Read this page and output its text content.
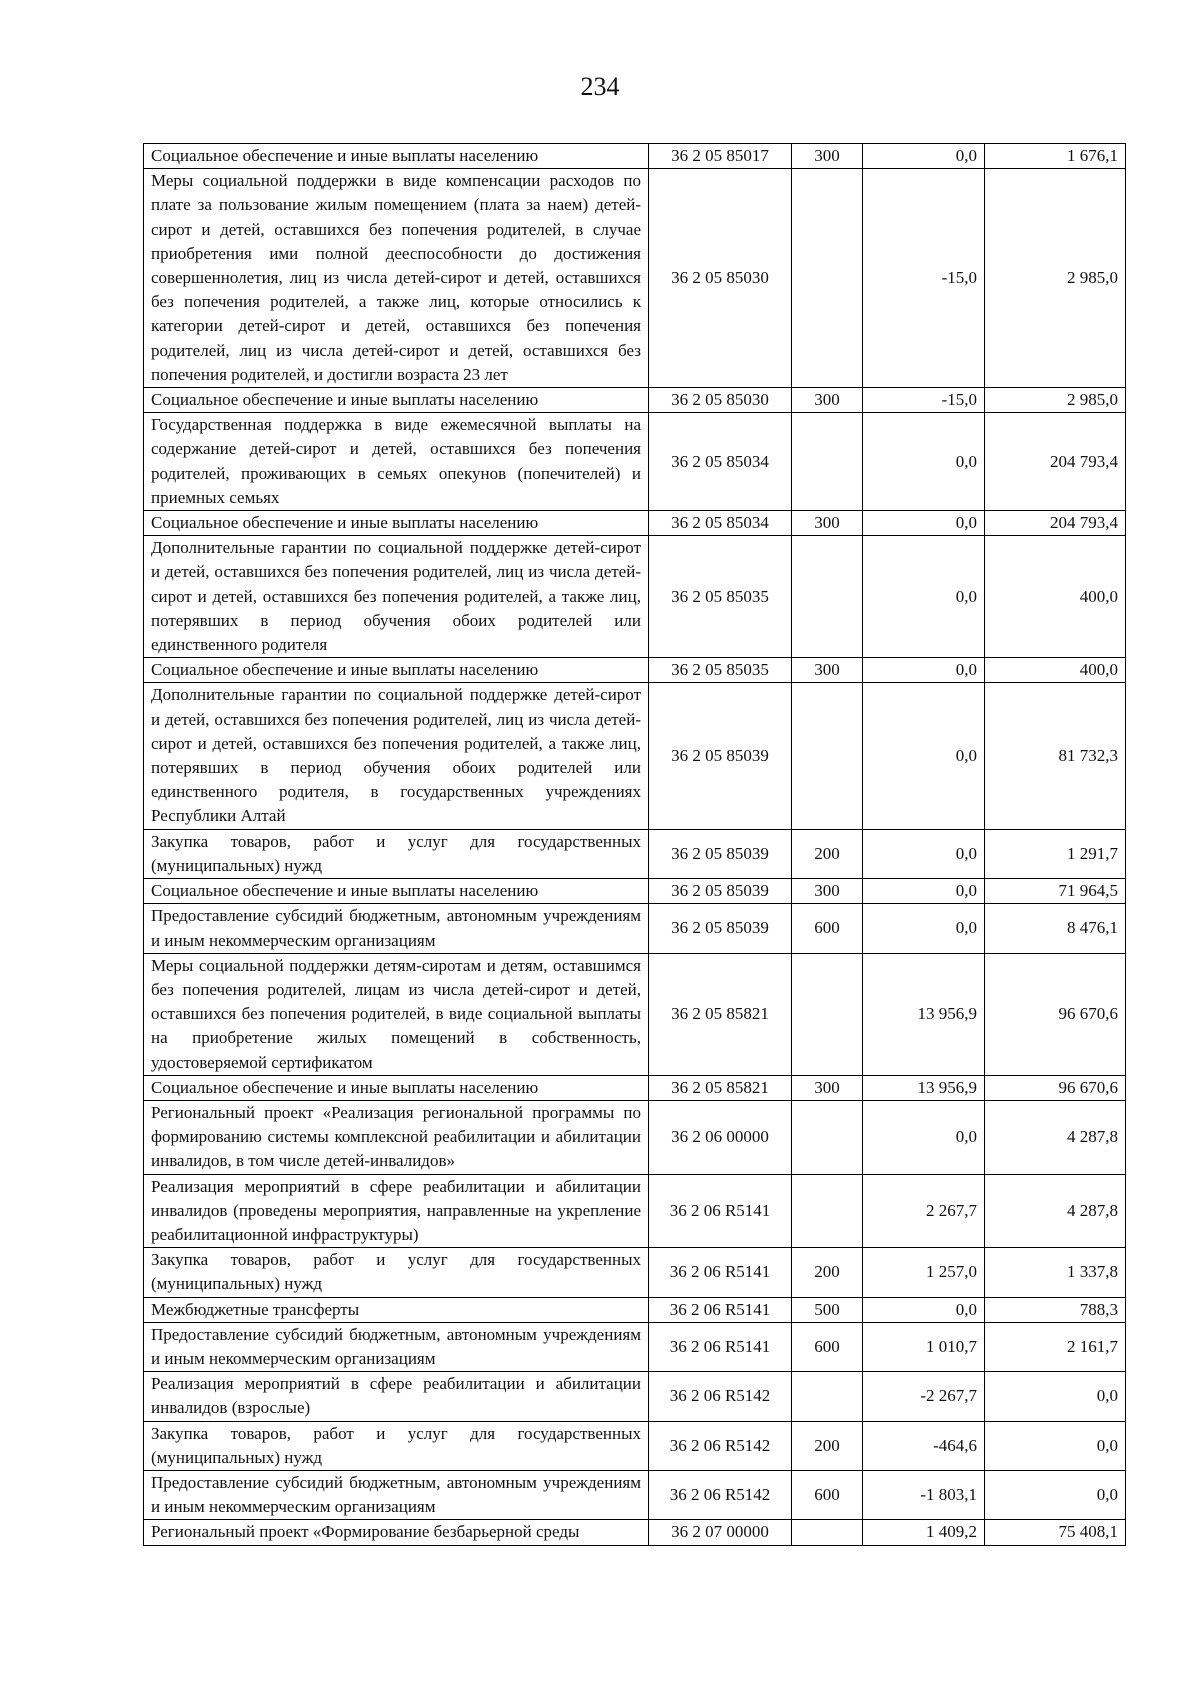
234
Социальное обеспечение и иные выплаты населению	36 2 05 85017	300	0,0	1 676,1
Меры социальной поддержки в виде компенсации расходов по плате за пользование жилым помещением (плата за наем) детей-сирот и детей, оставшихся без попечения родителей, в случае приобретения ими полной дееспособности до достижения совершеннолетия, лиц из числа детей-сирот и детей, оставшихся без попечения родителей, а также лиц, которые относились к категории детей-сирот и детей, оставшихся без попечения родителей, лиц из числа детей-сирот и детей, оставшихся без попечения родителей, и достигли возраста 23 лет	36 2 05 85030		-15,0	2 985,0
Социальное обеспечение и иные выплаты населению	36 2 05 85030	300	-15,0	2 985,0
Государственная поддержка в виде ежемесячной выплаты на содержание детей-сирот и детей, оставшихся без попечения родителей, проживающих в семьях опекунов (попечителей) и приемных семьях	36 2 05 85034		0,0	204 793,4
Социальное обеспечение и иные выплаты населению	36 2 05 85034	300	0,0	204 793,4
Дополнительные гарантии по социальной поддержке детей-сирот и детей, оставшихся без попечения родителей, лиц из числа детей-сирот и детей, оставшихся без попечения родителей, а также лиц, потерявших в период обучения обоих родителей или единственного родителя	36 2 05 85035		0,0	400,0
Социальное обеспечение и иные выплаты населению	36 2 05 85035	300	0,0	400,0
Дополнительные гарантии по социальной поддержке детей-сирот и детей, оставшихся без попечения родителей, лиц из числа детей-сирот и детей, оставшихся без попечения родителей, а также лиц, потерявших в период обучения обоих родителей или единственного родителя, в государственных учреждениях Республики Алтай	36 2 05 85039		0,0	81 732,3
Закупка товаров, работ и услуг для государственных (муниципальных) нужд	36 2 05 85039	200	0,0	1 291,7
Социальное обеспечение и иные выплаты населению	36 2 05 85039	300	0,0	71 964,5
Предоставление субсидий бюджетным, автономным учреждениям и иным некоммерческим организациям	36 2 05 85039	600	0,0	8 476,1
Меры социальной поддержки детям-сиротам и детям, оставшимся без попечения родителей, лицам из числа детей-сирот и детей, оставшихся без попечения родителей, в виде социальной выплаты на приобретение жилых помещений в собственность, удостоверяемой сертификатом	36 2 05 85821		13 956,9	96 670,6
Социальное обеспечение и иные выплаты населению	36 2 05 85821	300	13 956,9	96 670,6
Региональный проект «Реализация региональной программы по формированию системы комплексной реабилитации и абилитации инвалидов, в том числе детей-инвалидов»	36 2 06 00000		0,0	4 287,8
Реализация мероприятий в сфере реабилитации и абилитации инвалидов (проведены мероприятия, направленные на укрепление реабилитационной инфраструктуры)	36 2 06 R5141		2 267,7	4 287,8
Закупка товаров, работ и услуг для государственных (муниципальных) нужд	36 2 06 R5141	200	1 257,0	1 337,8
Межбюджетные трансферты	36 2 06 R5141	500	0,0	788,3
Предоставление субсидий бюджетным, автономным учреждениям и иным некоммерческим организациям	36 2 06 R5141	600	1 010,7	2 161,7
Реализация мероприятий в сфере реабилитации и абилитации инвалидов (взрослые)	36 2 06 R5142		-2 267,7	0,0
Закупка товаров, работ и услуг для государственных (муниципальных) нужд	36 2 06 R5142	200	-464,6	0,0
Предоставление субсидий бюджетным, автономным учреждениям и иным некоммерческим организациям	36 2 06 R5142	600	-1 803,1	0,0
Региональный проект «Формирование безбарьерной среды	36 2 07 00000		1 409,2	75 408,1
